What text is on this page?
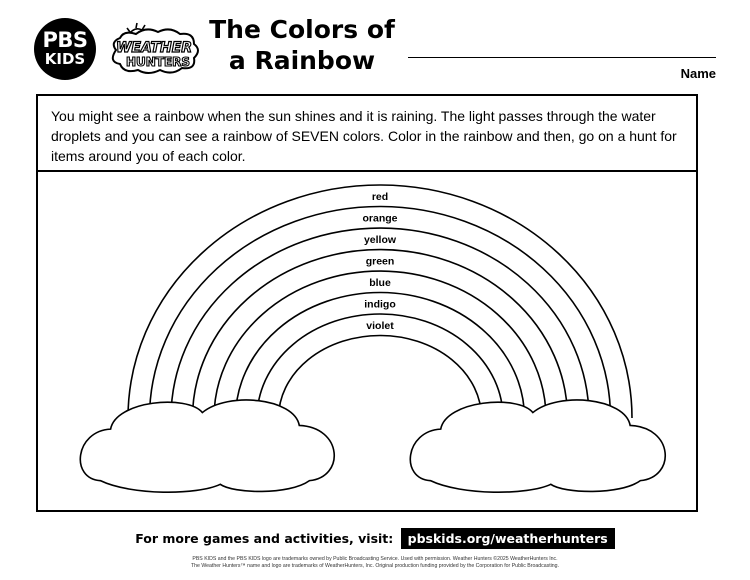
PBS
KIDS
WEATHER
HUNTERS
The Colors of
a Rainbow	Name
You might see a rainbow when the sun shines and it is raining. The light passes through the water droplets and you can see a rainbow of SEVEN colors. Color in the rainbow and then, go on a hunt for items around you of each color.
red
orange
yellow
green
blue
indigo
violet
For more games and activities, visit: pbskids.org/weatherhunters
PBS KIDS and the PBS KIDS logo are trademarks owned by Public Broadcasting Service. Used with permission. Weather Hunters ©2025 WeatherHunters Inc.
The Weather Hunters™ name and logo are trademarks of WeatherHunters, Inc. Original production funding provided by the Corporation for Public Broadcasting.
